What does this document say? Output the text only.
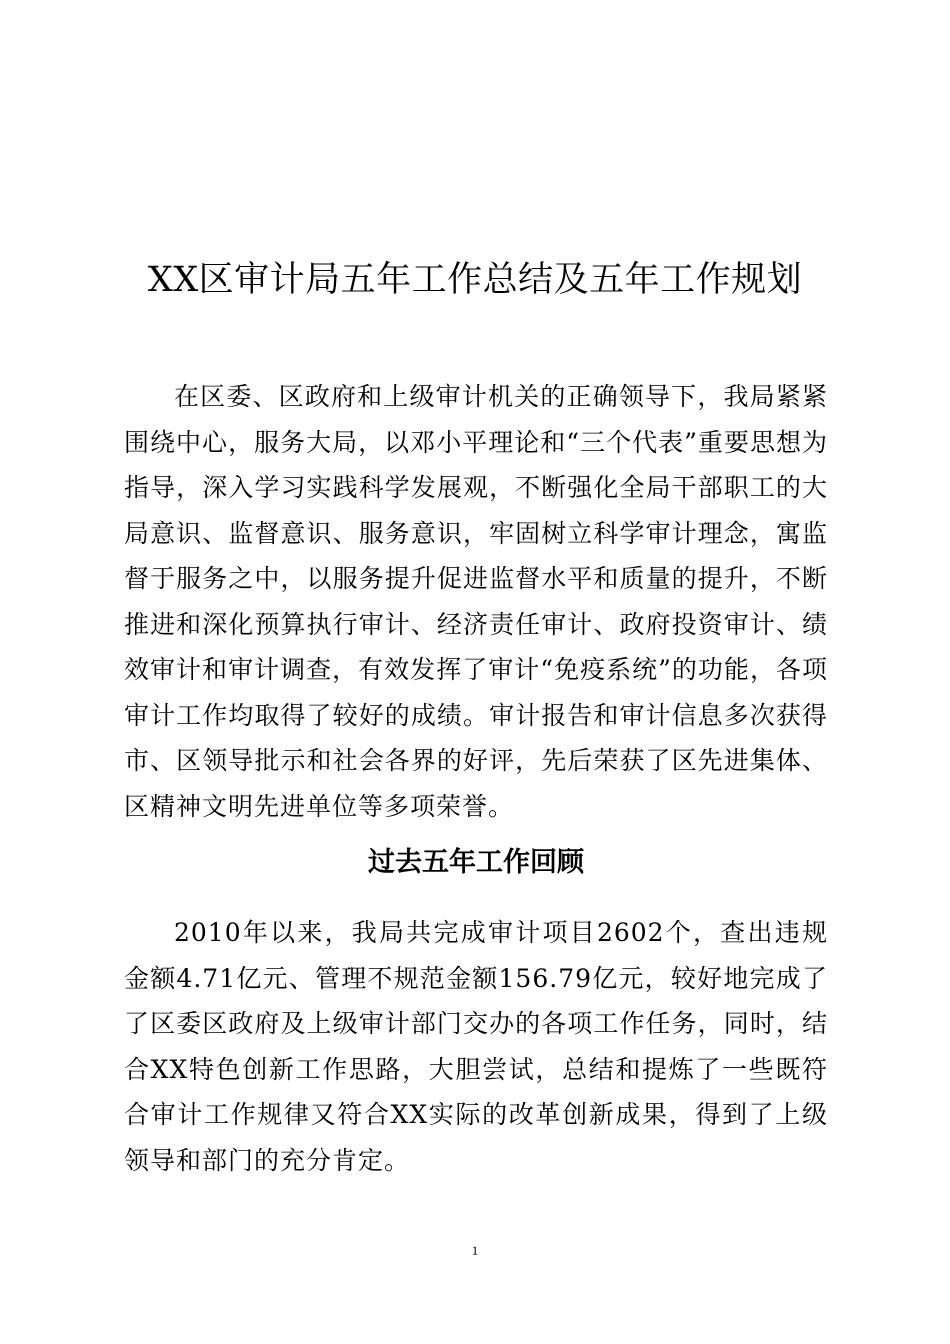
XX区审计局五年工作总结及五年工作规划

在区委、区政府和上级审计机关的正确领导下，我局紧紧围绕中心，服务大局，以邓小平理论和“三个代表”重要思想为指导，深入学习实践科学发展观，不断强化全局干部职工的大局意识、监督意识、服务意识，牢固树立科学审计理念，寓监督于服务之中，以服务提升促进监督水平和质量的提升，不断推进和深化预算执行审计、经济责任审计、政府投资审计、绩效审计和审计调查，有效发挥了审计“免疫系统”的功能，各项审计工作均取得了较好的成绩。审计报告和审计信息多次获得市、区领导批示和社会各界的好评，先后荣获了区先进集体、区精神文明先进单位等多项荣誉。

过去五年工作回顾

2010年以来，我局共完成审计项目2602个，查出违规金额4.71亿元、管理不规范金额156.79亿元，较好地完成了了区委区政府及上级审计部门交办的各项工作任务，同时，结合XX特色创新工作思路，大胆尝试，总结和提炼了一些既符合审计工作规律又符合XX实际的改革创新成果，得到了上级领导和部门的充分肯定。

1
